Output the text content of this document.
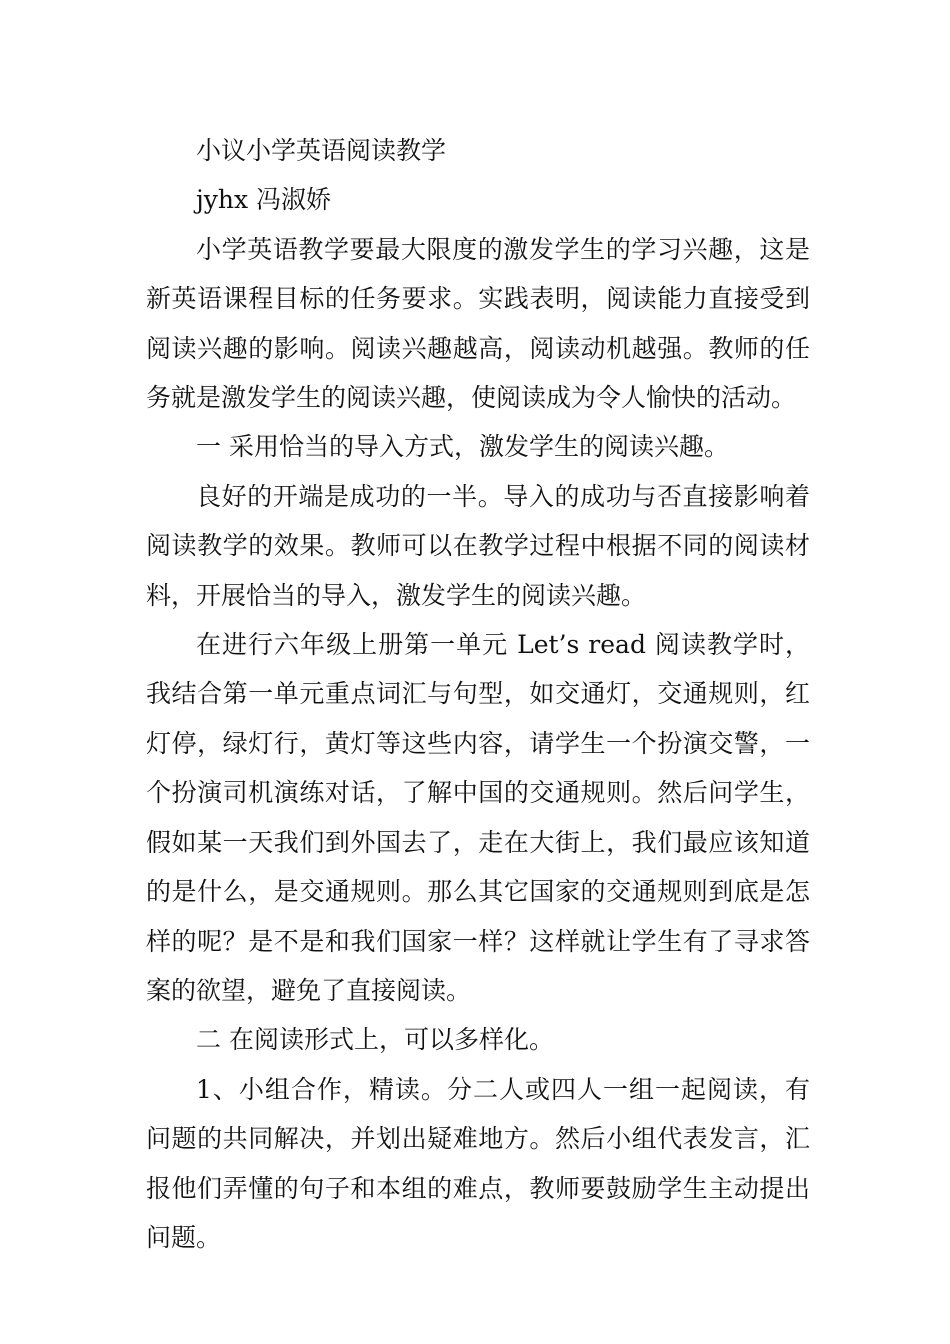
小议小学英语阅读教学

jyhx 冯淑娇

小学英语教学要最大限度的激发学生的学习兴趣，这是新英语课程目标的任务要求。实践表明，阅读能力直接受到阅读兴趣的影响。阅读兴趣越高，阅读动机越强。教师的任务就是激发学生的阅读兴趣，使阅读成为令人愉快的活动。

一 采用恰当的导入方式，激发学生的阅读兴趣。

良好的开端是成功的一半。导入的成功与否直接影响着阅读教学的效果。教师可以在教学过程中根据不同的阅读材料，开展恰当的导入，激发学生的阅读兴趣。

在进行六年级上册第一单元 Let’s read 阅读教学时，我结合第一单元重点词汇与句型，如交通灯，交通规则，红灯停，绿灯行，黄灯等这些内容，请学生一个扮演交警，一个扮演司机演练对话，了解中国的交通规则。然后问学生，假如某一天我们到外国去了，走在大街上，我们最应该知道的是什么，是交通规则。那么其它国家的交通规则到底是怎样的呢？是不是和我们国家一样？这样就让学生有了寻求答案的欲望，避免了直接阅读。

二 在阅读形式上，可以多样化。

1、小组合作，精读。分二人或四人一组一起阅读，有问题的共同解决，并划出疑难地方。然后小组代表发言，汇报他们弄懂的句子和本组的难点，教师要鼓励学生主动提出问题。
